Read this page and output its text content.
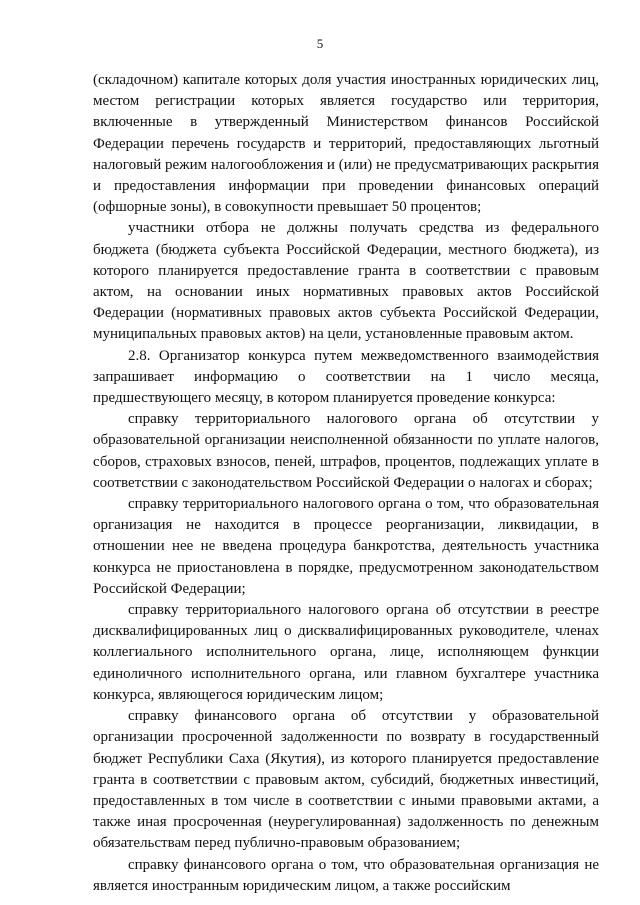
5

(складочном) капитале которых доля участия иностранных юридических лиц, местом регистрации которых является государство или территория, включенные в утвержденный Министерством финансов Российской Федерации перечень государств и территорий, предоставляющих льготный налоговый режим налогообложения и (или) не предусматривающих раскрытия и предоставления информации при проведении финансовых операций (офшорные зоны), в совокупности превышает 50 процентов;

участники отбора не должны получать средства из федерального бюджета (бюджета субъекта Российской Федерации, местного бюджета), из которого планируется предоставление гранта в соответствии с правовым актом, на основании иных нормативных правовых актов Российской Федерации (нормативных правовых актов субъекта Российской Федерации, муниципальных правовых актов) на цели, установленные правовым актом.

2.8. Организатор конкурса путем межведомственного взаимодействия запрашивает информацию о соответствии на 1 число месяца, предшествующего месяцу, в котором планируется проведение конкурса:

справку территориального налогового органа об отсутствии у образовательной организации неисполненной обязанности по уплате налогов, сборов, страховых взносов, пеней, штрафов, процентов, подлежащих уплате в соответствии с законодательством Российской Федерации о налогах и сборах;

справку территориального налогового органа о том, что образовательная организация не находится в процессе реорганизации, ликвидации, в отношении нее не введена процедура банкротства, деятельность участника конкурса не приостановлена в порядке, предусмотренном законодательством Российской Федерации;

справку территориального налогового органа об отсутствии в реестре дисквалифицированных лиц о дисквалифицированных руководителе, членах коллегиального исполнительного органа, лице, исполняющем функции единоличного исполнительного органа, или главном бухгалтере участника конкурса, являющегося юридическим лицом;

справку финансового органа об отсутствии у образовательной организации просроченной задолженности по возврату в государственный бюджет Республики Саха (Якутия), из которого планируется предоставление гранта в соответствии с правовым актом, субсидий, бюджетных инвестиций, предоставленных в том числе в соответствии с иными правовыми актами, а также иная просроченная (неурегулированная) задолженность по денежным обязательствам перед публично-правовым образованием;

справку финансового органа о том, что образовательная организация не является иностранным юридическим лицом, а также российским
